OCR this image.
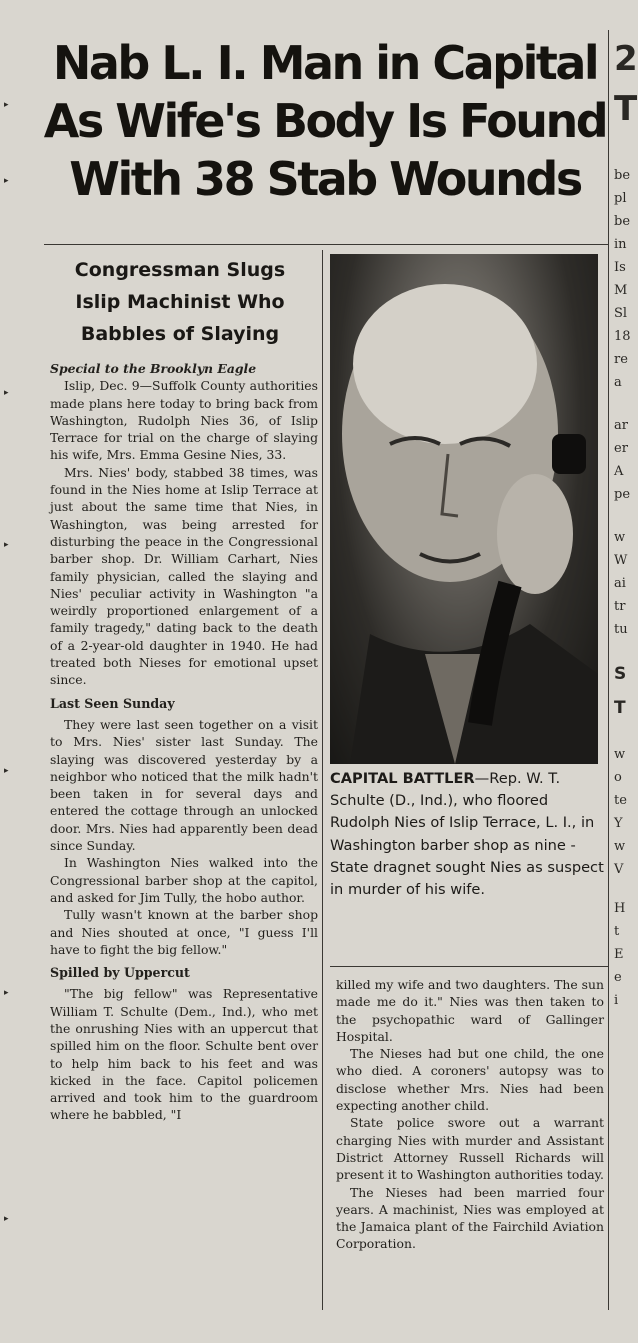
▸
▸
▸
▸
▸
▸
▸
Nab L. I. Man in Capital
As Wife's Body Is Found
With 38 Stab Wounds
Congressman Slugs
Islip Machinist Who
Babbles of Slaying

Special to the Brooklyn Eagle

Islip, Dec. 9—Suffolk County authorities made plans here today to bring back from Washington, Rudolph Nies 36, of Islip Terrace for trial on the charge of slaying his wife, Mrs. Emma Gesine Nies, 33.

Mrs. Nies' body, stabbed 38 times, was found in the Nies home at Islip Terrace at just about the same time that Nies, in Washington, was being arrested for disturbing the peace in the Congressional barber shop. Dr. William Carhart, Nies family physician, called the slaying and Nies' peculiar activity in Washington "a weirdly proportioned enlargement of a family tragedy," dating back to the death of a 2-year-old daughter in 1940. He had treated both Nieses for emotional upset since.

Last Seen Sunday

They were last seen together on a visit to Mrs. Nies' sister last Sunday. The slaying was discovered yesterday by a neighbor who noticed that the milk hadn't been taken in for several days and entered the cottage through an unlocked door. Mrs. Nies had apparently been dead since Sunday.

In Washington Nies walked into the Congressional barber shop at the capitol, and asked for Jim Tully, the hobo author.

Tully wasn't known at the barber shop and Nies shouted at once, "I guess I'll have to fight the big fellow."

Spilled by Uppercut

"The big fellow" was Representative William T. Schulte (Dem., Ind.), who met the onrushing Nies with an uppercut that spilled him on the floor. Schulte bent over to help him back to his feet and was kicked in the face. Capitol policemen arrived and took him to the guardroom where he babbled, "I

CAPITAL BATTLER—Rep. W. T. Schulte (D., Ind.), who floored Rudolph Nies of Islip Terrace, L. I., in Washington barber shop as nine - State dragnet sought Nies as suspect in murder of his wife.

killed my wife and two daughters. The sun made me do it." Nies was then taken to the psychopathic ward of Gallinger Hospital.

The Nieses had but one child, the one who died. A coroners' autopsy was to disclose whether Mrs. Nies had been expecting another child.

State police swore out a warrant charging Nies with murder and Assistant District Attorney Russell Richards will present it to Washington authorities today.

The Nieses had been married four years. A machinist, Nies was employed at the Jamaica plant of the Fairchild Aviation Corporation.

2
T
be
pl
be
in
Is
M
Sl
18
re
a
ar
er
A
pe
w
W
ai
tr
tu
S
T
w
o
te
Y
w
V
H
t
E
e
i
